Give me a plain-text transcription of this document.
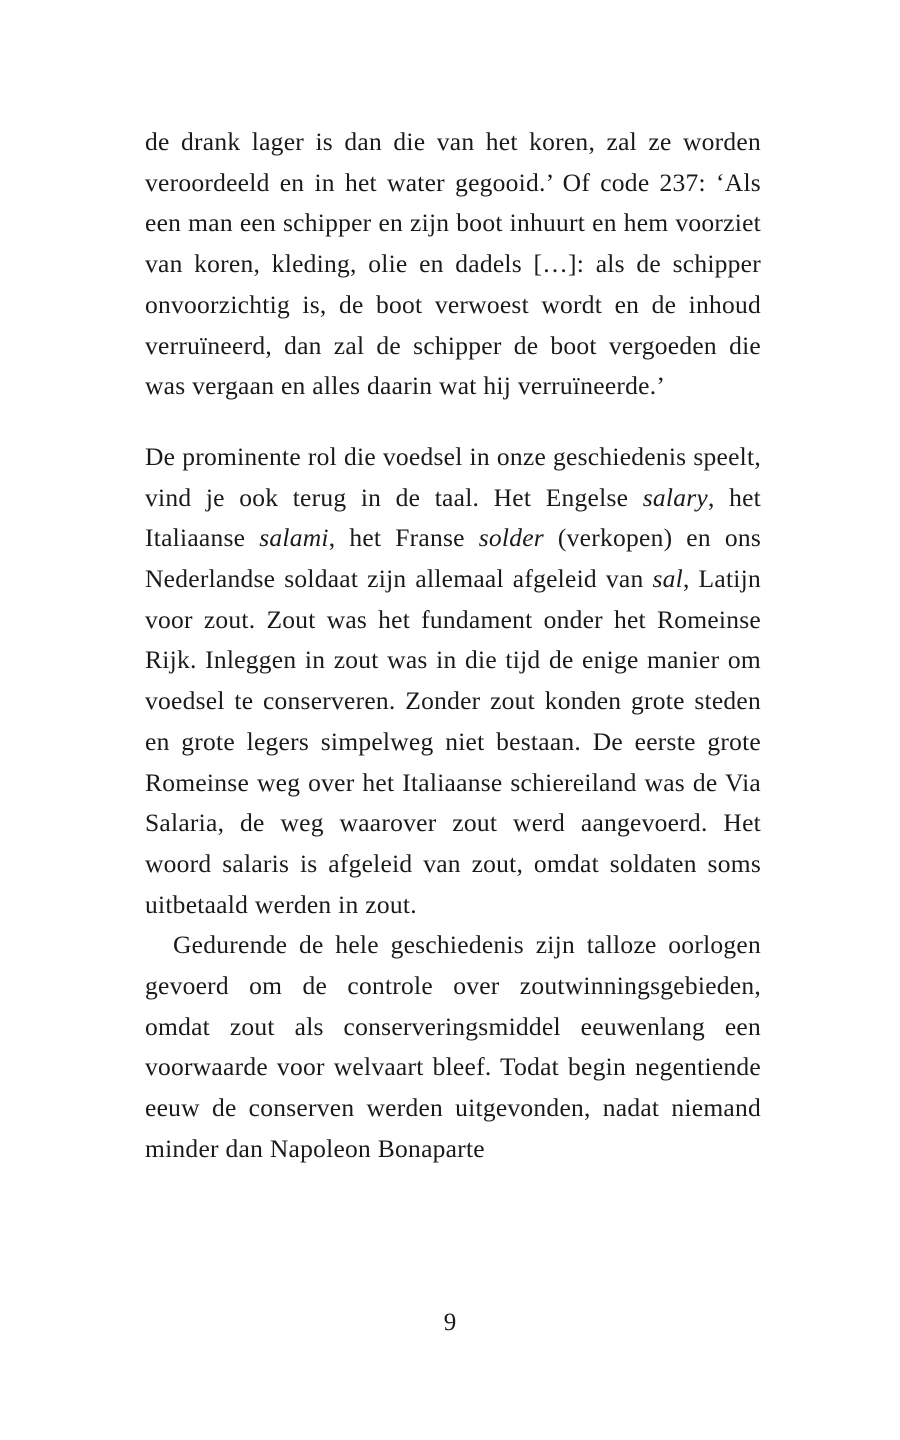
de drank lager is dan die van het koren, zal ze worden veroordeeld en in het water gegooid.’ Of code 237: ‘Als een man een schipper en zijn boot inhuurt en hem voorziet van koren, kleding, olie en dadels […]: als de schipper onvoorzichtig is, de boot verwoest wordt en de inhoud verruïneerd, dan zal de schipper de boot vergoeden die was vergaan en alles daarin wat hij verruïneerde.’

De prominente rol die voedsel in onze geschiedenis speelt, vind je ook terug in de taal. Het Engelse salary, het Italiaanse salami, het Franse solder (verkopen) en ons Nederlandse soldaat zijn allemaal afgeleid van sal, Latijn voor zout. Zout was het fundament onder het Romeinse Rijk. Inleggen in zout was in die tijd de enige manier om voedsel te conserveren. Zonder zout konden grote steden en grote legers simpelweg niet bestaan. De eerste grote Romeinse weg over het Italiaanse schiereiland was de Via Salaria, de weg waarover zout werd aangevoerd. Het woord salaris is afgeleid van zout, omdat soldaten soms uitbetaald werden in zout.

Gedurende de hele geschiedenis zijn talloze oorlogen gevoerd om de controle over zoutwinningsgebieden, omdat zout als conserveringsmiddel eeuwenlang een voorwaarde voor welvaart bleef. Todat begin negentiende eeuw de conserven werden uitgevonden, nadat niemand minder dan Napoleon Bonaparte

9
